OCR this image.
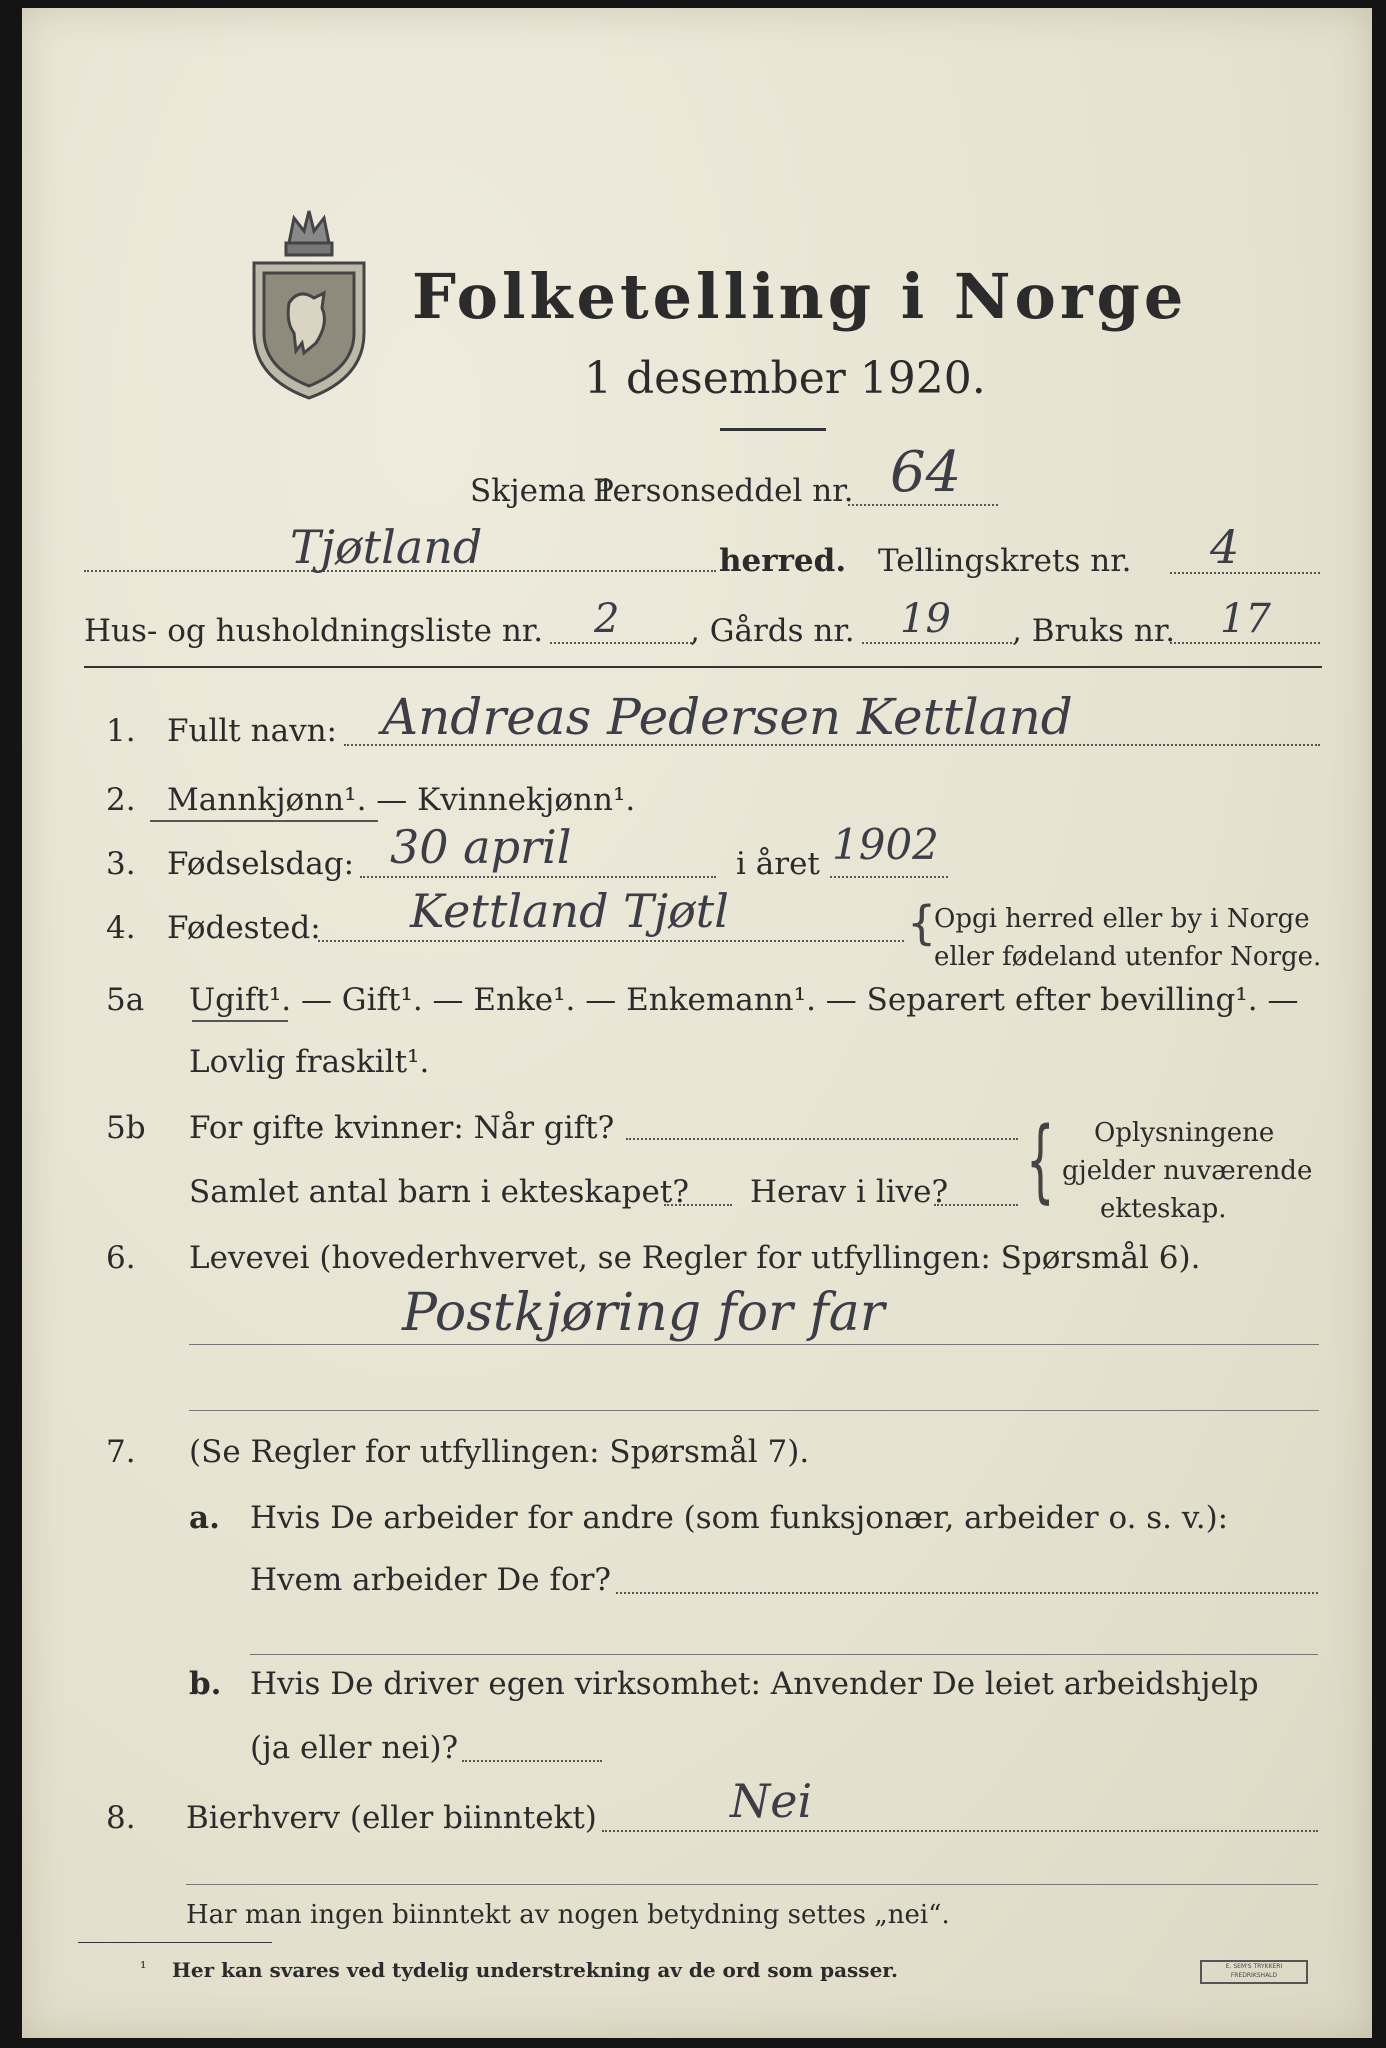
Folketelling i Norge
1 desember 1920.
Skjema 1.
Personseddel nr. 64
Tjøtland	herred. Tellingskrets nr. 4
Hus- og husholdningsliste nr. 2 , Gårds nr. 19 , Bruks nr. 17
1. Fullt navn: Andreas Pedersen Kettland
2. Mannkjønn¹. — Kvinnekjønn¹.
3. Fødselsdag: 30 april	i året 1902
4. Fødested: Kettland Tjøtl	{
Opgi herred eller by i Norge
eller fødeland utenfor Norge.
5a Ugift¹. — Gift¹. — Enke¹. — Enkemann¹. — Separert efter bevilling¹. —
Lovlig fraskilt¹.
5b For gifte kvinner: Når gift?
Samlet antal barn i ekteskapet? Herav i live? { Oplysningene
gjelder nuværende
ekteskap.
6. Levevei (hovederhvervet, se Regler for utfyllingen: Spørsmål 6).
Postkjøring for far
7. (Se Regler for utfyllingen: Spørsmål 7).
a. Hvis De arbeider for andre (som funksjonær, arbeider o. s. v.):
Hvem arbeider De for?
b. Hvis De driver egen virksomhet: Anvender De leiet arbeidshjelp
(ja eller nei)?
8. Bierhverv (eller biinntekt)	Nei
Har man ingen biinntekt av nogen betydning settes „nei“.
¹ Her kan svares ved tydelig understrekning av de ord som passer.	E. SEM'S TRYKKERI FREDRIKSHALD
